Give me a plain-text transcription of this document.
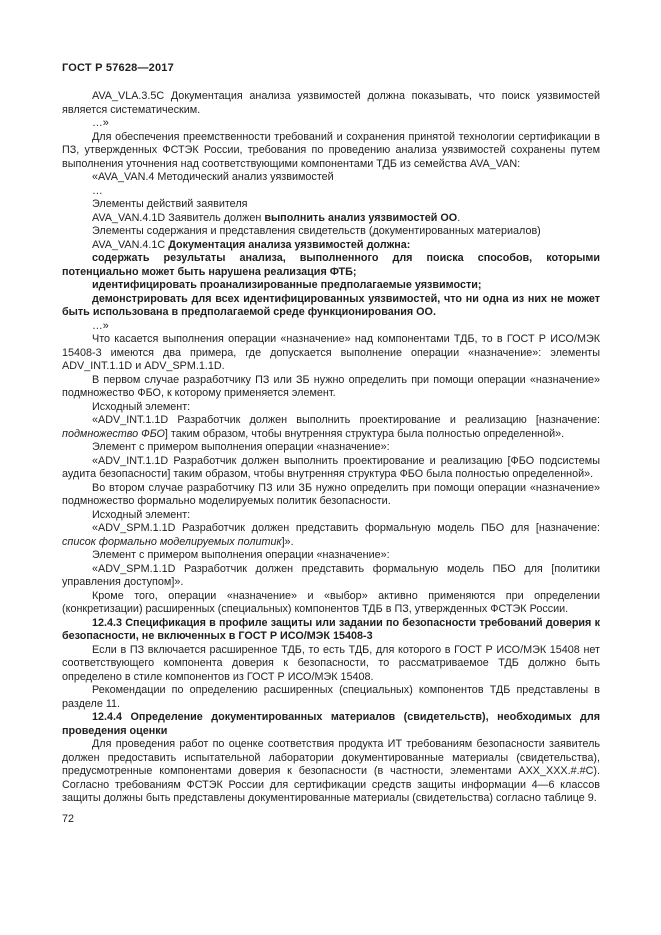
ГОСТ Р 57628—2017

AVA_VLA.3.5C Документация анализа уязвимостей должна показывать, что поиск уязвимостей является систематическим.

…»

Для обеспечения преемственности требований и сохранения принятой технологии сертификации в ПЗ, утвержденных ФСТЭК России, требования по проведению анализа уязвимостей сохранены путем выполнения уточнения над соответствующими компонентами ТДБ из семейства AVA_VAN:

«AVA_VAN.4 Методический анализ уязвимостей

…

Элементы действий заявителя

AVA_VAN.4.1D Заявитель должен выполнить анализ уязвимостей ОО.

Элементы содержания и представления свидетельств (документированных материалов)

AVA_VAN.4.1C Документация анализа уязвимостей должна:

содержать результаты анализа, выполненного для поиска способов, которыми потенциально может быть нарушена реализация ФТБ;

идентифицировать проанализированные предполагаемые уязвимости;

демонстрировать для всех идентифицированных уязвимостей, что ни одна из них не может быть использована в предполагаемой среде функционирования ОО.

…»

Что касается выполнения операции «назначение» над компонентами ТДБ, то в ГОСТ Р ИСО/МЭК 15408-3 имеются два примера, где допускается выполнение операции «назначение»: элементы ADV_INT.1.1D и ADV_SPM.1.1D.

В первом случае разработчику ПЗ или ЗБ нужно определить при помощи операции «назначение» подмножество ФБО, к которому применяется элемент.

Исходный элемент:

«ADV_INT.1.1D Разработчик должен выполнить проектирование и реализацию [назначение: подмножество ФБО] таким образом, чтобы внутренняя структура была полностью определенной».

Элемент с примером выполнения операции «назначение»:

«ADV_INT.1.1D Разработчик должен выполнить проектирование и реализацию [ФБО подсистемы аудита безопасности] таким образом, чтобы внутренняя структура ФБО была полностью определенной».

Во втором случае разработчику ПЗ или ЗБ нужно определить при помощи операции «назначение» подмножество формально моделируемых политик безопасности.

Исходный элемент:

«ADV_SPM.1.1D Разработчик должен представить формальную модель ПБО для [назначение: список формально моделируемых политик]».

Элемент с примером выполнения операции «назначение»:

«ADV_SPM.1.1D Разработчик должен представить формальную модель ПБО для [политики управления доступом]».

Кроме того, операции «назначение» и «выбор» активно применяются при определении (конкретизации) расширенных (специальных) компонентов ТДБ в ПЗ, утвержденных ФСТЭК России.

12.4.3 Спецификация в профиле защиты или задании по безопасности требований доверия к безопасности, не включенных в ГОСТ Р ИСО/МЭК 15408-3

Если в ПЗ включается расширенное ТДБ, то есть ТДБ, для которого в ГОСТ Р ИСО/МЭК 15408 нет соответствующего компонента доверия к безопасности, то рассматриваемое ТДБ должно быть определено в стиле компонентов из ГОСТ Р ИСО/МЭК 15408.

Рекомендации по определению расширенных (специальных) компонентов ТДБ представлены в разделе 11.

12.4.4 Определение документированных материалов (свидетельств), необходимых для проведения оценки

Для проведения работ по оценке соответствия продукта ИТ требованиям безопасности заявитель должен предоставить испытательной лаборатории документированные материалы (свидетельства), предусмотренные компонентами доверия к безопасности (в частности, элементами AXX_XXX.#.#C). Согласно требованиям ФСТЭК России для сертификации средств защиты информации 4—6 классов защиты должны быть представлены документированные материалы (свидетельства) согласно таблице 9.

72
